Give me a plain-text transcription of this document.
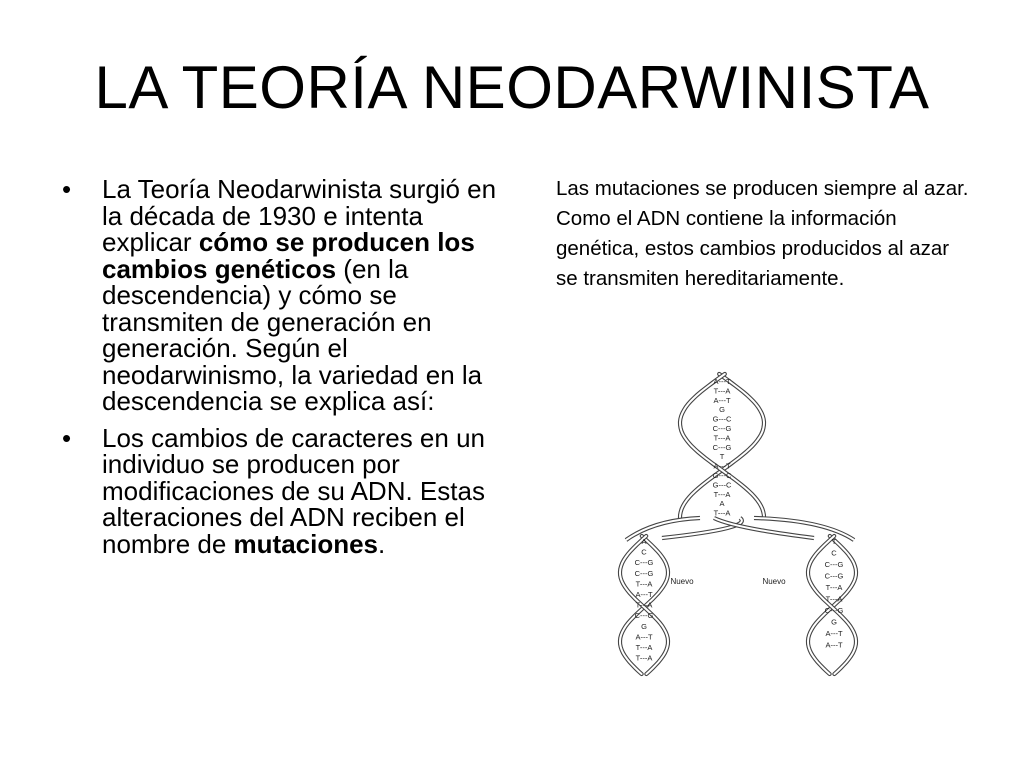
LA TEORÍA NEODARWINISTA
• La Teoría Neodarwinista surgió en la década de 1930 e intenta explicar cómo se producen los cambios genéticos (en la descendencia) y cómo se transmiten de generación en generación. Según el neodarwinismo, la variedad en la descendencia se explica así:
• Los cambios de caracteres en un individuo se producen por modificaciones de su ADN. Estas alteraciones del ADN reciben el nombre de mutaciones.

Las mutaciones se producen siempre al azar.

Como el ADN contiene la información genética, estos cambios producidos al azar se transmiten hereditariamente.

A---T
T---A
A---T
G
G---C
C---G
T---A
C---G
T
A---T
G---C
G---C
T---A
A
T---A
A
C
C---G
C---G
T---A
A---T
T---A
C---G
G
A---T
T---A
T---A
T
C
C---G
C---G
T---A
T---A
C---G
G
A---T
A---T
Nuevo	Nuevo
